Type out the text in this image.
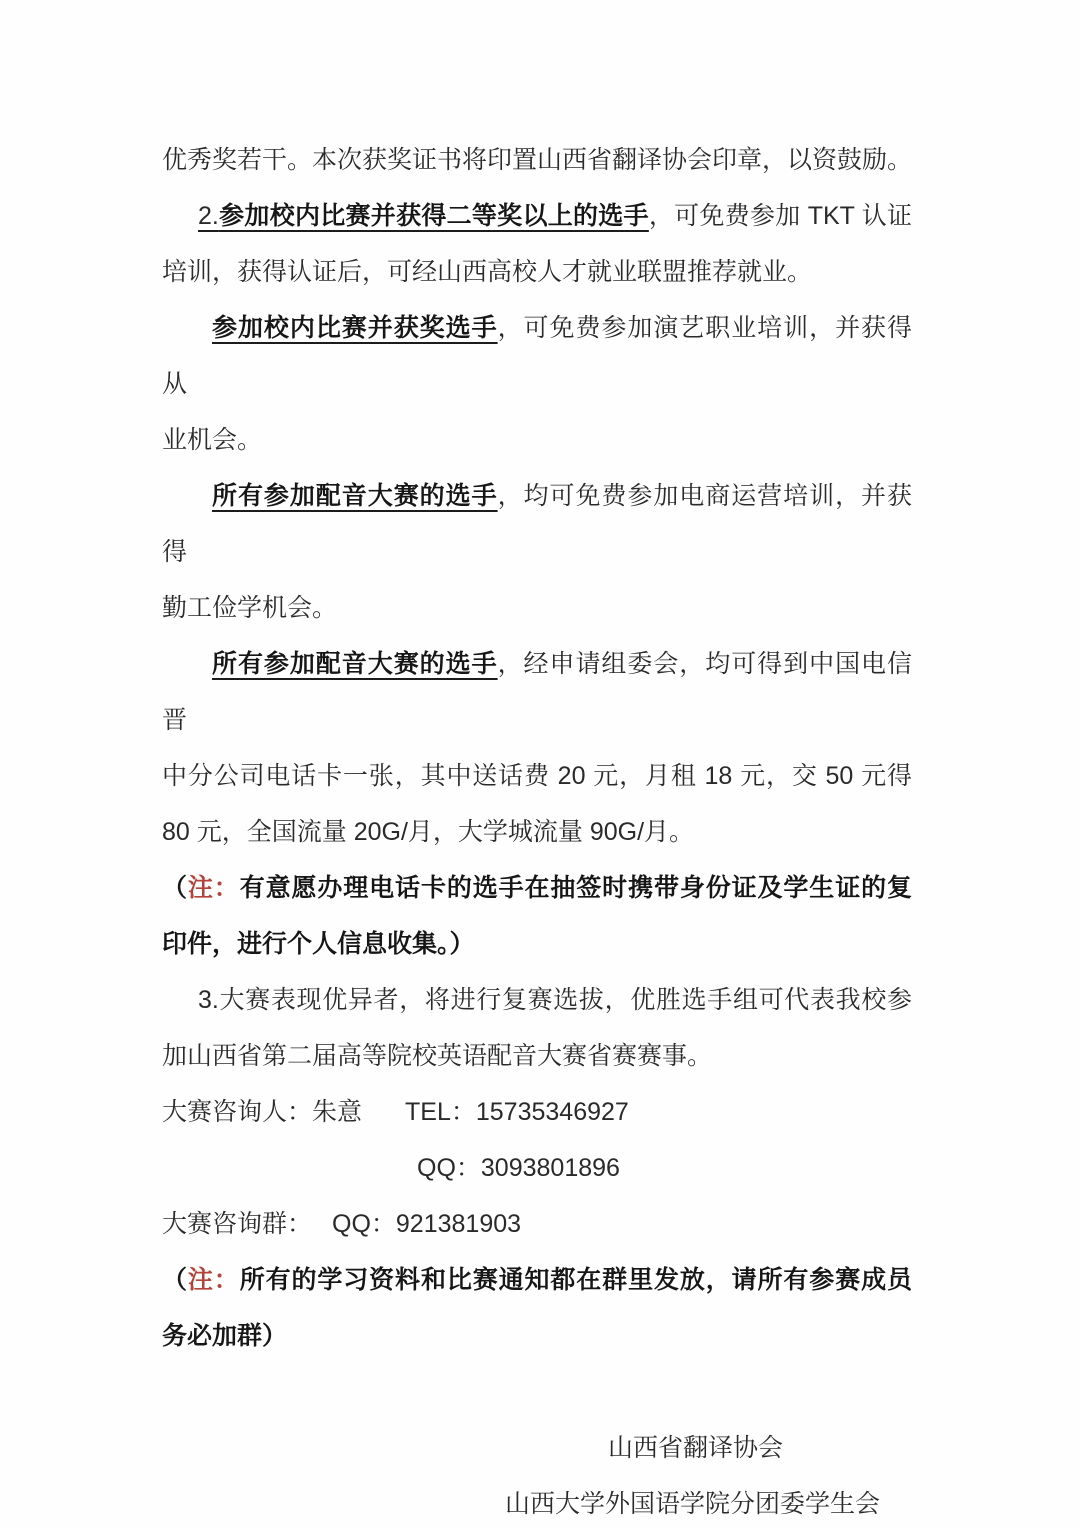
优秀奖若干。本次获奖证书将印置山西省翻译协会印章，以资鼓励。
2.参加校内比赛并获得二等奖以上的选手，可免费参加 TKT 认证
培训，获得认证后，可经山西高校人才就业联盟推荐就业。
参加校内比赛并获奖选手，可免费参加演艺职业培训，并获得从
业机会。
所有参加配音大赛的选手，均可免费参加电商运营培训，并获得
勤工俭学机会。
所有参加配音大赛的选手，经申请组委会，均可得到中国电信晋
中分公司电话卡一张，其中送话费 20 元，月租 18 元，交 50 元得
80 元，全国流量 20G/月，大学城流量 90G/月。
（注：有意愿办理电话卡的选手在抽签时携带身份证及学生证的复
印件，进行个人信息收集。）
3.大赛表现优异者，将进行复赛选拔，优胜选手组可代表我校参
加山西省第二届高等院校英语配音大赛省赛赛事。
大赛咨询人：朱意 TEL：15735346927
QQ：3093801896
大赛咨询群： QQ：921381903
（注：所有的学习资料和比赛通知都在群里发放，请所有参赛成员
务必加群）
山西省翻译协会
山西大学外国语学院分团委学生会
